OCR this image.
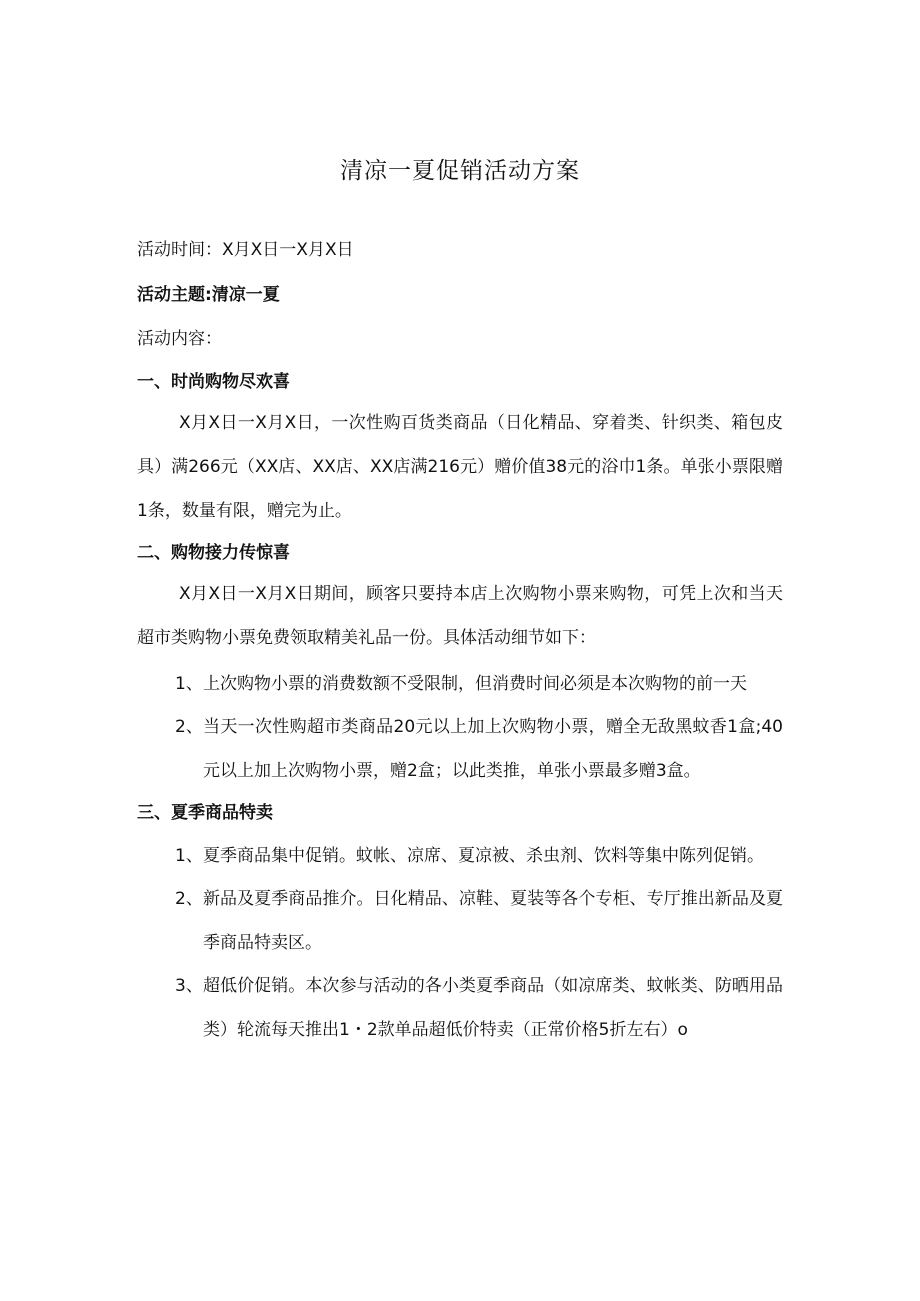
清凉一夏促销活动方案
活动时间：X月X日一X月X日
活动主题:清凉一夏
活动内容：
一、时尚购物尽欢喜
X月X日一X月X日，一次性购百货类商品（日化精品、穿着类、针织类、箱包皮具）满266元（XX店、XX店、XX店满216元）赠价值38元的浴巾1条。单张小票限赠1条，数量有限，赠完为止。
二、购物接力传惊喜
X月X日一X月X日期间，顾客只要持本店上次购物小票来购物，可凭上次和当天超市类购物小票免费领取精美礼品一份。具体活动细节如下：
1、 上次购物小票的消费数额不受限制，但消费时间必须是本次购物的前一天
2、 当天一次性购超市类商品20元以上加上次购物小票，赠全无敌黑蚊香1盒;40元以上加上次购物小票，赠2盒；以此类推，单张小票最多赠3盒。
三、夏季商品特卖
1、 夏季商品集中促销。蚊帐、凉席、夏凉被、杀虫剂、饮料等集中陈列促销。
2、 新品及夏季商品推介。日化精品、凉鞋、夏装等各个专柜、专厅推出新品及夏季商品特卖区。
3、 超低价促销。本次参与活动的各小类夏季商品（如凉席类、蚊帐类、防晒用品类）轮流每天推出1・2款单品超低价特卖（正常价格5折左右）o
